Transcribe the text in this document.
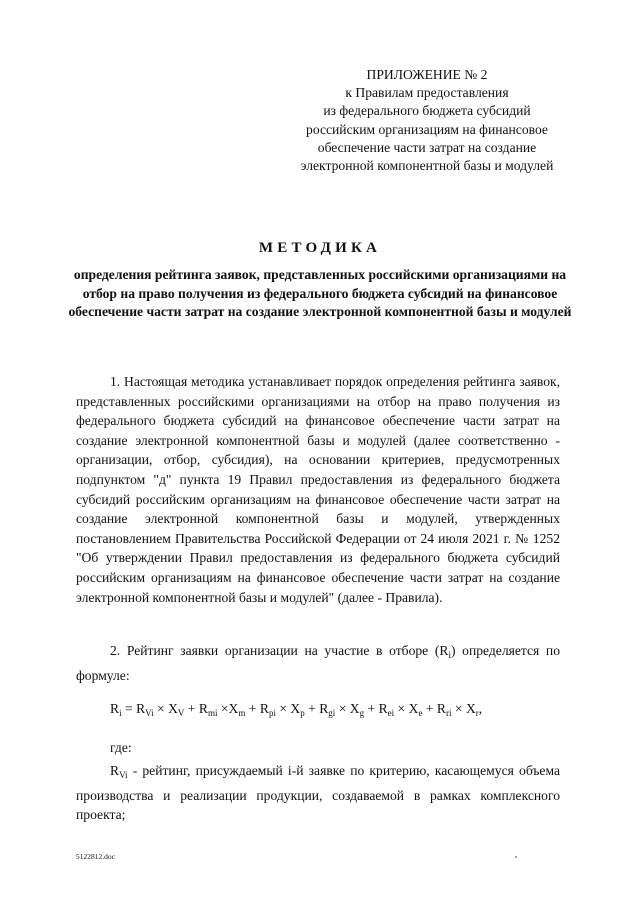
ПРИЛОЖЕНИЕ № 2
к Правилам предоставления
из федерального бюджета субсидий
российским организациям на финансовое
обеспечение части затрат на создание
электронной компонентной базы и модулей
МЕТОДИКА
определения рейтинга заявок, представленных российскими организациями на отбор на право получения из федерального бюджета субсидий на финансовое обеспечение части затрат на создание электронной компонентной базы и модулей
1. Настоящая методика устанавливает порядок определения рейтинга заявок, представленных российскими организациями на отбор на право получения из федерального бюджета субсидий на финансовое обеспечение части затрат на создание электронной компонентной базы и модулей (далее соответственно - организации, отбор, субсидия), на основании критериев, предусмотренных подпунктом "д" пункта 19 Правил предоставления из федерального бюджета субсидий российским организациям на финансовое обеспечение части затрат на создание электронной компонентной базы и модулей, утвержденных постановлением Правительства Российской Федерации от 24 июля 2021 г. № 1252 "Об утверждении Правил предоставления из федерального бюджета субсидий российским организациям на финансовое обеспечение части затрат на создание электронной компонентной базы и модулей" (далее - Правила).
2. Рейтинг заявки организации на участие в отборе $(R_i)$ определяется по формуле:
$R_i = R_{Vi} \times X_V + R_{mi} \times X_m + R_{pi} \times X_p + R_{gi} \times X_g + R_{ei} \times X_e + R_{ri} \times X_r$,
где:
$R_{Vi}$ - рейтинг, присуждаемый i-й заявке по критерию, касающемуся объема производства и реализации продукции, создаваемой в рамках комплексного проекта;
5122812.doc
